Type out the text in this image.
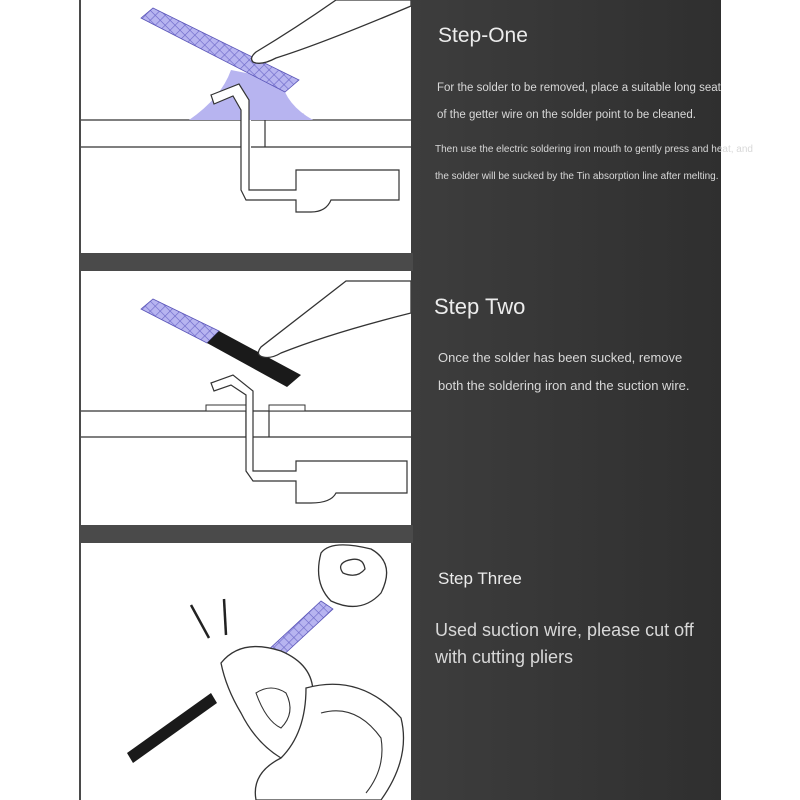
Step-One
For the solder to be removed, place a suitable long seat
of the getter wire on the solder point to be cleaned.
Then use the electric soldering iron mouth to gently press and heat, and
the solder will be sucked by the Tin absorption line after melting.
Step Two
Once the solder has been sucked, remove
both the soldering iron and the suction wire.
Step Three
Used suction wire, please cut off
with cutting pliers
